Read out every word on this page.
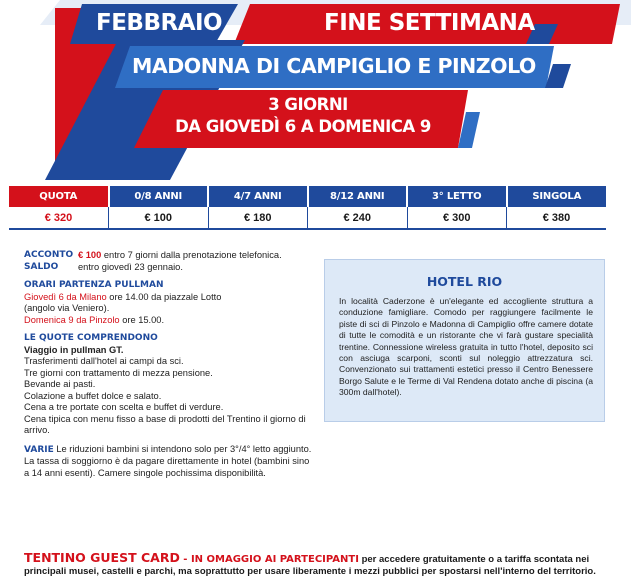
FEBBRAIO	FINE SETTIMANA
MADONNA DI CAMPIGLIO E PINZOLO
3 GIORNI
DA GIOVEDÌ 6 A DOMENICA 9
QUOTA	0/8 ANNI	4/7 ANNI	8/12 ANNI	3° LETTO	SINGOLA
€ 320	€ 100	€ 180	€ 240	€ 300	€ 380
ACCONTO € 100 entro 7 giorni dalla prenotazione telefonica.
SALDO	entro giovedì 23 gennaio.
ORARI PARTENZA PULLMAN
Giovedì 6 da Milano ore 14.00 da piazzale Lotto
(angolo via Veniero).
Domenica 9 da Pinzolo ore 15.00.
LE QUOTE COMPRENDONO
Viaggio in pullman GT.
Trasferimenti dall'hotel ai campi da sci.
Tre giorni con trattamento di mezza pensione.
Bevande ai pasti.
Colazione a buffet dolce e salato.
Cena a tre portate con scelta e buffet di verdure.
Cena tipica con menu fisso a base di prodotti del Trentino il giorno di arrivo.
VARIE Le riduzioni bambini si intendono solo per 3°/4° letto aggiunto. La tassa di soggiorno è da pagare direttamente in hotel (bambini sino a 14 anni esenti). Camere singole pochissima disponibilità.
HOTEL RIO

In località Caderzone è un'elegante ed accogliente struttura a conduzione famigliare. Comodo per raggiungere facilmente le piste di sci di Pinzolo e Madonna di Campiglio offre camere dotate di tutte le comodità e un ristorante che vi farà gustare specialità trentine. Connessione wireless gratuita in tutto l'hotel, deposito sci con asciuga scarponi, sconti sul noleggio attrezzatura sci. Convenzionato sui trattamenti estetici presso il Centro Benessere Borgo Salute e le Terme di Val Rendena dotato anche di piscina (a 300m dall'hotel).

TENTINO GUEST CARD - IN OMAGGIO AI PARTECIPANTI per accedere gratuitamente o a tariffa scontata nei principali musei, castelli e parchi, ma soprattutto per usare liberamente i mezzi pubblici per spostarsi nell'interno del territorio.
